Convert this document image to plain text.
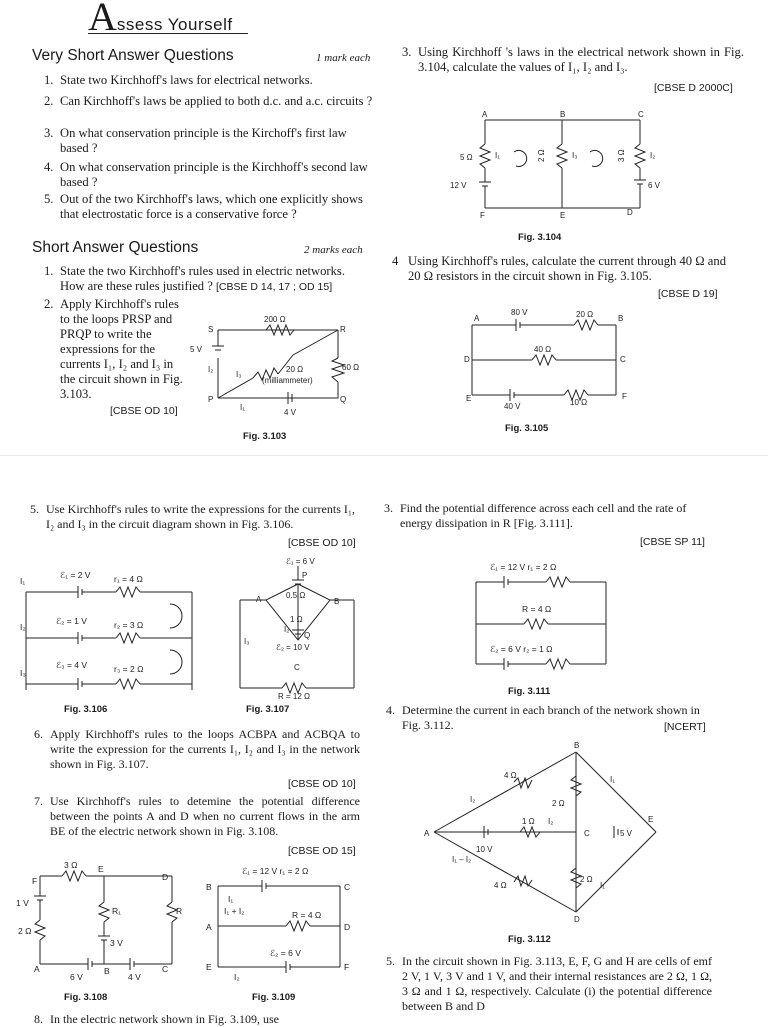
Assess Yourself
Very Short Answer Questions	1 mark each
1. State two Kirchhoff's laws for electrical networks.
2. Can Kirchhoff's laws be applied to both d.c. and a.c. circuits ?
3. On what conservation principle is the Kirchoff's first law based ?
4. On what conservation principle is the Kirchhoff's second law based ?
5. Out of the two Kirchhoff's laws, which one explicitly shows that electrostatic force is a conservative force ?
Short Answer Questions	2 marks each
1. State the two Kirchhoff's rules used in electric networks. How are these rules justified ? [CBSE D 14, 17 ; OD 15]
2. Apply Kirchhoff's rules to the loops PRSP and PRQP to write the expressions for the currents I₁, I₂ and I₃ in the circuit shown in Fig. 3.103.
[CBSE OD 10]
S	R
P	Q
200 Ω
60 Ω
5 V
20 Ω
(milliammeter)
4 V
I₂
I₃
I₁
Fig. 3.103
3. Using Kirchhoff 's laws in the electrical network shown in Fig. 3.104, calculate the values of I₁, I₂ and I₃.
[CBSE D 2000C]
A	B	C
F	E	D
5 Ω
12 V	6 V
2 Ω	3 Ω
I₁	I₃	I₂
Fig. 3.104
4 Using Kirchhoff's rules, calculate the current through 40 Ω and 20 Ω resistors in the circuit shown in Fig. 3.105.
[CBSE D 19]
A	B
D	C
E	F
80 V	20 Ω
40 Ω
40 V	10 Ω
Fig. 3.105
5. Use Kirchhoff's rules to write the expressions for the currents I₁, I₂ and I₃ in the circuit diagram shown in Fig. 3.106.
[CBSE OD 10]
I₁
I₂
I₃
ℰ₁ = 2 V	r₁ = 4 Ω
ℰ₂ = 1 V	r₂ = 3 Ω
ℰ₃ = 4 V	r₃ = 2 Ω
Fig. 3.106
ℰ₁ = 6 V
P
0.5 Ω
A	B
1 Ω
Q
ℰ₂ = 10 V
C
R = 12 Ω
I₃
I₂
Fig. 3.107
6. Apply Kirchhoff's rules to the loops ACBPA and ACBQA to write the expression for the currents I₁, I₂ and I₃ in the network shown in Fig. 3.107.
[CBSE OD 10]
7. Use Kirchhoff's rules to detemine the potential difference between the points A and D when no current flows in the arm BE of the electric network shown in Fig. 3.108.
[CBSE OD 15]
F
3 Ω E
D
1 V
2 Ω
R₁	R
3 V
A	B	C
6 V	4 V
Fig. 3.108
B	C
A	D
E	F
ℰ₁ = 12 V r₁ = 2 Ω
R = 4 Ω
I₁ + I₂
ℰ₂ = 6 V
I₂
I₁
Fig. 3.109
8. In the electric network shown in Fig. 3.109, use
3. Find the potential difference across each cell and the rate of energy dissipation in R [Fig. 3.111].
[CBSE SP 11]
ℰ₁ = 12 V r₁ = 2 Ω
R = 4 Ω
ℰ₂ = 6 V r₂ = 1 Ω
Fig. 3.111
4. Determine the current in each branch of the network shown in Fig. 3.112.	[NCERT]
B
A	C
D
E
4 Ω
2 Ω
1 Ω I₂
10 V
4 Ω
2 Ω
5 V
I₂
I₁ – I₂
I₁
I₁
Fig. 3.112
5. In the circuit shown in Fig. 3.113, E, F, G and H are cells of emf 2 V, 1 V, 3 V and 1 V, and their internal resistances are 2 Ω, 1 Ω, 3 Ω and 1 Ω, respectively. Calculate (i) the potential difference between B and D
